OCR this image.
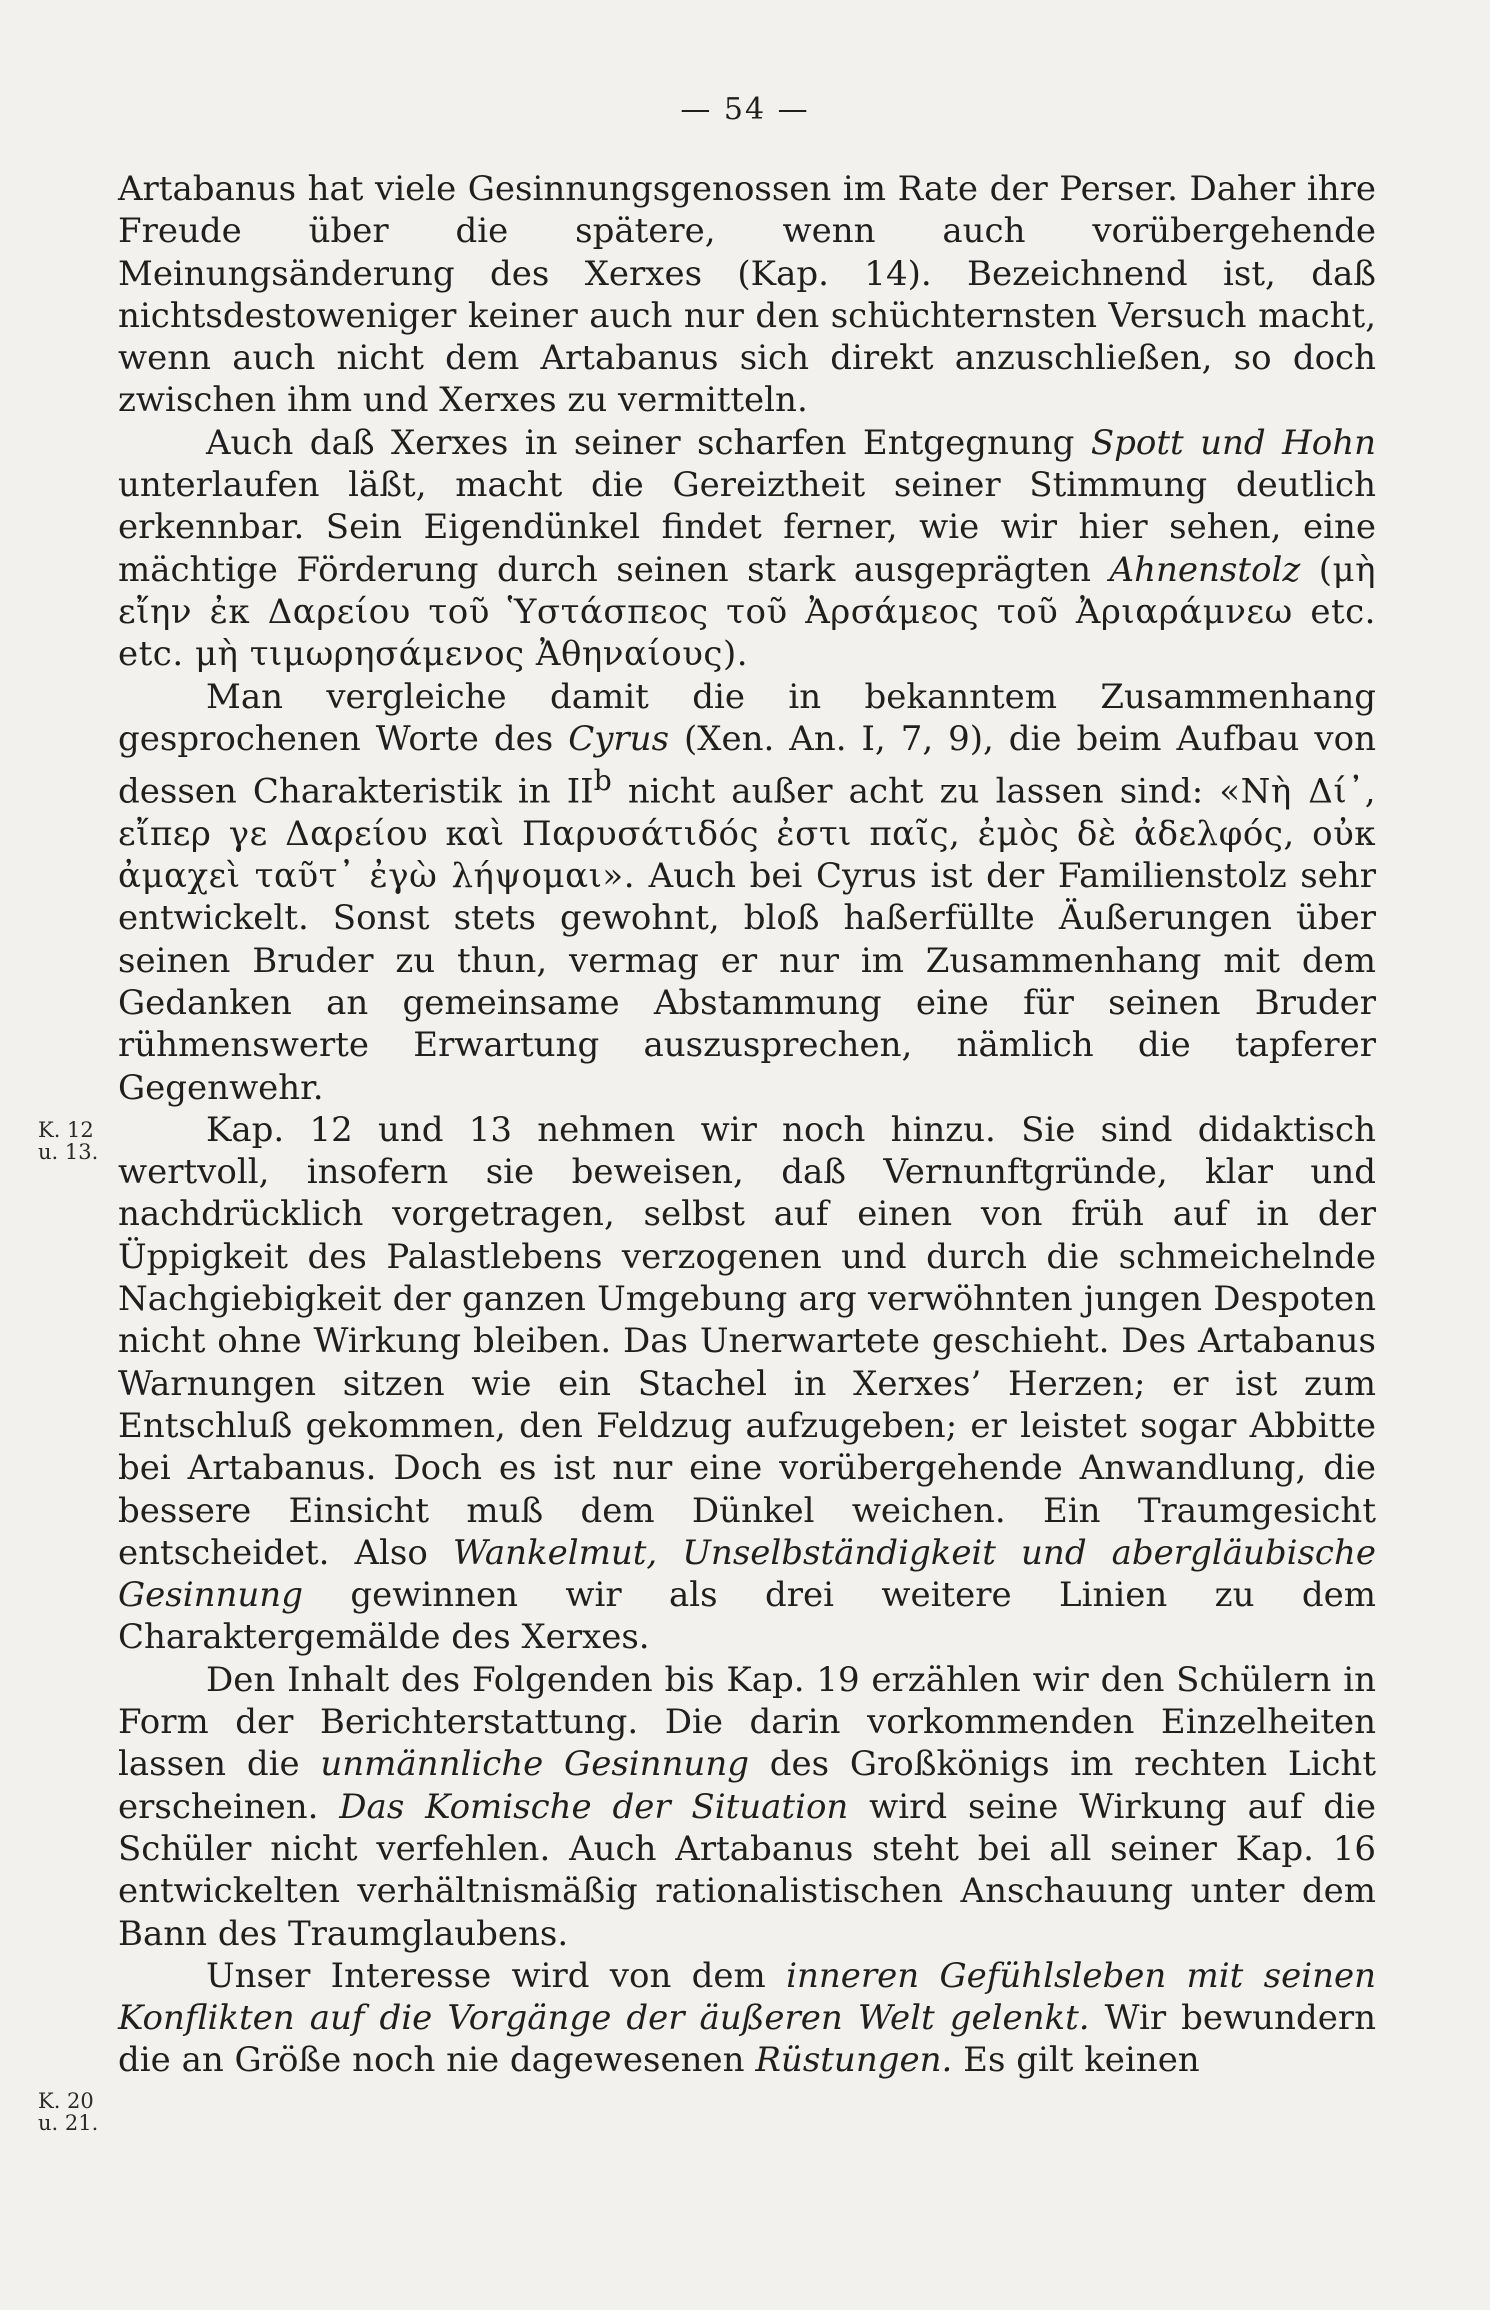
— 54 —
K. 12
u. 13.
K. 20
u. 21.

Artabanus hat viele Gesinnungsgenossen im Rate der Perser. Daher ihre Freude über die spätere, wenn auch vorübergehende Meinungsänderung des Xerxes (Kap. 14). Bezeichnend ist, daß nichtsdestoweniger keiner auch nur den schüchternsten Versuch macht, wenn auch nicht dem Artabanus sich direkt anzuschließen, so doch zwischen ihm und Xerxes zu vermitteln.

Auch daß Xerxes in seiner scharfen Entgegnung Spott und Hohn unterlaufen läßt, macht die Gereiztheit seiner Stimmung deutlich erkennbar. Sein Eigendünkel findet ferner, wie wir hier sehen, eine mächtige Förderung durch seinen stark ausgeprägten Ahnenstolz (μὴ εἴην ἐκ Δαρείου τοῦ Ὑστάσπεος τοῦ Ἀρσάμεος τοῦ Ἀριαράμνεω etc. etc. μὴ τιμωρησάμενος Ἀθηναίους).

Man vergleiche damit die in bekanntem Zusammenhang gesprochenen Worte des Cyrus (Xen. An. I, 7, 9), die beim Aufbau von dessen Charakteristik in $II^b$ nicht außer acht zu lassen sind: «Νὴ Δί᾽, εἴπερ γε Δαρείου καὶ Παρυσάτιδός ἐστι παῖς, ἐμὸς δὲ ἀδελφός, οὐκ ἀμαχεὶ ταῦτ᾽ ἐγὼ λήψομαι». Auch bei Cyrus ist der Familienstolz sehr entwickelt. Sonst stets gewohnt, bloß haßerfüllte Äußerungen über seinen Bruder zu thun, vermag er nur im Zusammenhang mit dem Gedanken an gemeinsame Abstammung eine für seinen Bruder rühmenswerte Erwartung auszusprechen, nämlich die tapferer Gegenwehr.

Kap. 12 und 13 nehmen wir noch hinzu. Sie sind didaktisch wertvoll, insofern sie beweisen, daß Vernunftgründe, klar und nachdrücklich vorgetragen, selbst auf einen von früh auf in der Üppigkeit des Palastlebens verzogenen und durch die schmeichelnde Nachgiebigkeit der ganzen Umgebung arg verwöhnten jungen Despoten nicht ohne Wirkung bleiben. Das Unerwartete geschieht. Des Artabanus Warnungen sitzen wie ein Stachel in Xerxes’ Herzen; er ist zum Entschluß gekommen, den Feldzug aufzugeben; er leistet sogar Abbitte bei Artabanus. Doch es ist nur eine vorübergehende Anwandlung, die bessere Einsicht muß dem Dünkel weichen. Ein Traumgesicht entscheidet. Also Wankelmut, Unselbständigkeit und abergläubische Gesinnung gewinnen wir als drei weitere Linien zu dem Charaktergemälde des Xerxes.

Den Inhalt des Folgenden bis Kap. 19 erzählen wir den Schülern in Form der Berichterstattung. Die darin vorkommenden Einzelheiten lassen die unmännliche Gesinnung des Großkönigs im rechten Licht erscheinen. Das Komische der Situation wird seine Wirkung auf die Schüler nicht verfehlen. Auch Artabanus steht bei all seiner Kap. 16 entwickelten verhältnismäßig rationalistischen Anschauung unter dem Bann des Traumglaubens.

Unser Interesse wird von dem inneren Gefühlsleben mit seinen Konflikten auf die Vorgänge der äußeren Welt gelenkt. Wir bewundern die an Größe noch nie dagewesenen Rüstungen. Es gilt keinen
